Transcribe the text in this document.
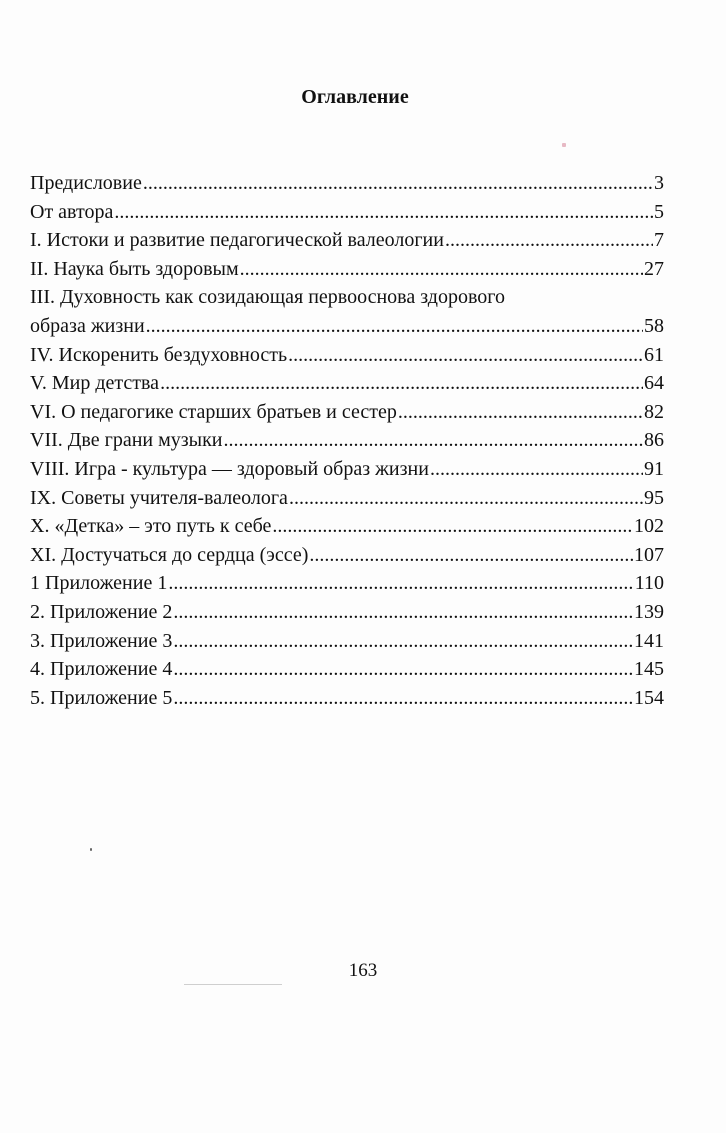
Оглавление
Предисловие .....	3
От автора .....	5
I. Истоки и развитие педагогической валеологии .....	7
II. Наука быть здоровым .....	27
III. Духовность как созидающая первооснова здорового
образа жизни .....	58
IV. Искоренить бездуховность .....	61
V. Мир детства .....	64
VI. О педагогике старших братьев и сестер .....	82
VII. Две грани музыки .....	86
VIII. Игра - культура — здоровый образ жизни .....	91
IX. Советы учителя-валеолога .....	95
X. «Детка» – это путь к себе .....	102
XI. Достучаться до сердца (эссе) .....	107
1 Приложение 1 .....	110
2. Приложение 2 .....	139
3. Приложение 3 .....	141
4. Приложение 4 .....	145
5. Приложение 5 .....	154
163
